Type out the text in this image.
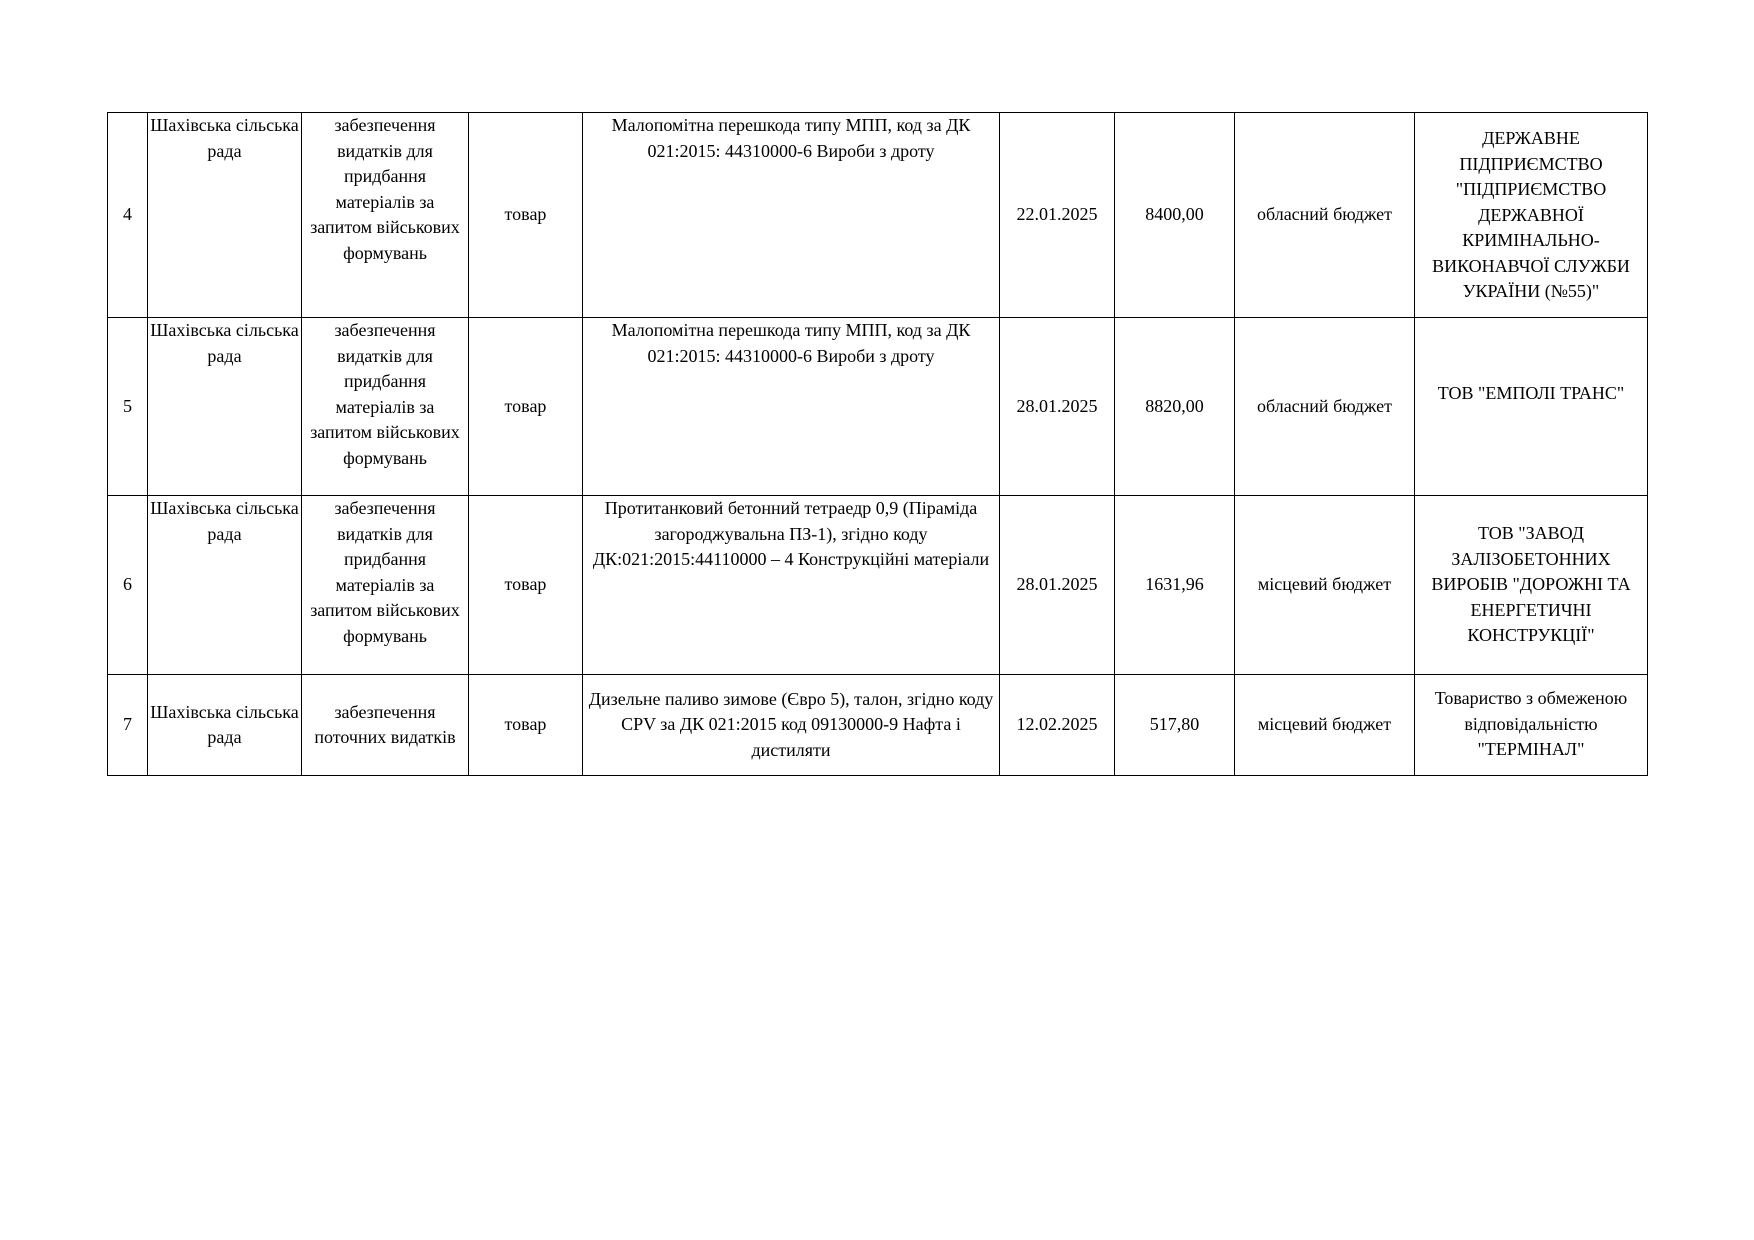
4	Шахівська сільська рада	забезпечення видатків для придбання матеріалів за запитом військових формувань	товар	Малопомітна перешкода типу МПП, код за ДК 021:2015: 44310000-6 Вироби з дроту	22.01.2025	8400,00	обласний бюджет	ДЕРЖАВНЕ ПІДПРИЄМСТВО "ПІДПРИЄМСТВО ДЕРЖАВНОЇ КРИМІНАЛЬНО-ВИКОНАВЧОЇ СЛУЖБИ УКРАЇНИ (№55)"
5	Шахівська сільська рада	забезпечення видатків для придбання матеріалів за запитом військових формувань	товар	Малопомітна перешкода типу МПП, код за ДК 021:2015: 44310000-6 Вироби з дроту	28.01.2025	8820,00	обласний бюджет	ТОВ "ЕМПОЛІ ТРАНС"
6	Шахівська сільська рада	забезпечення видатків для придбання матеріалів за запитом військових формувань	товар	Протитанковий бетонний тетраедр 0,9 (Піраміда загороджувальна ПЗ-1), згідно коду ДК:021:2015:44110000 – 4 Конструкційні матеріали	28.01.2025	1631,96	місцевий бюджет	ТОВ "ЗАВОД ЗАЛІЗОБЕТОННИХ ВИРОБІВ "ДОРОЖНІ ТА ЕНЕРГЕТИЧНІ КОНСТРУКЦІЇ"
7	Шахівська сільська рада	забезпечення поточних видатків	товар	Дизельне паливо зимове (Євро 5), талон, згідно коду CPV за ДК 021:2015 код 09130000-9 Нафта і дистиляти	12.02.2025	517,80	місцевий бюджет	Товариство з обмеженою відповідальністю "ТЕРМІНАЛ"
